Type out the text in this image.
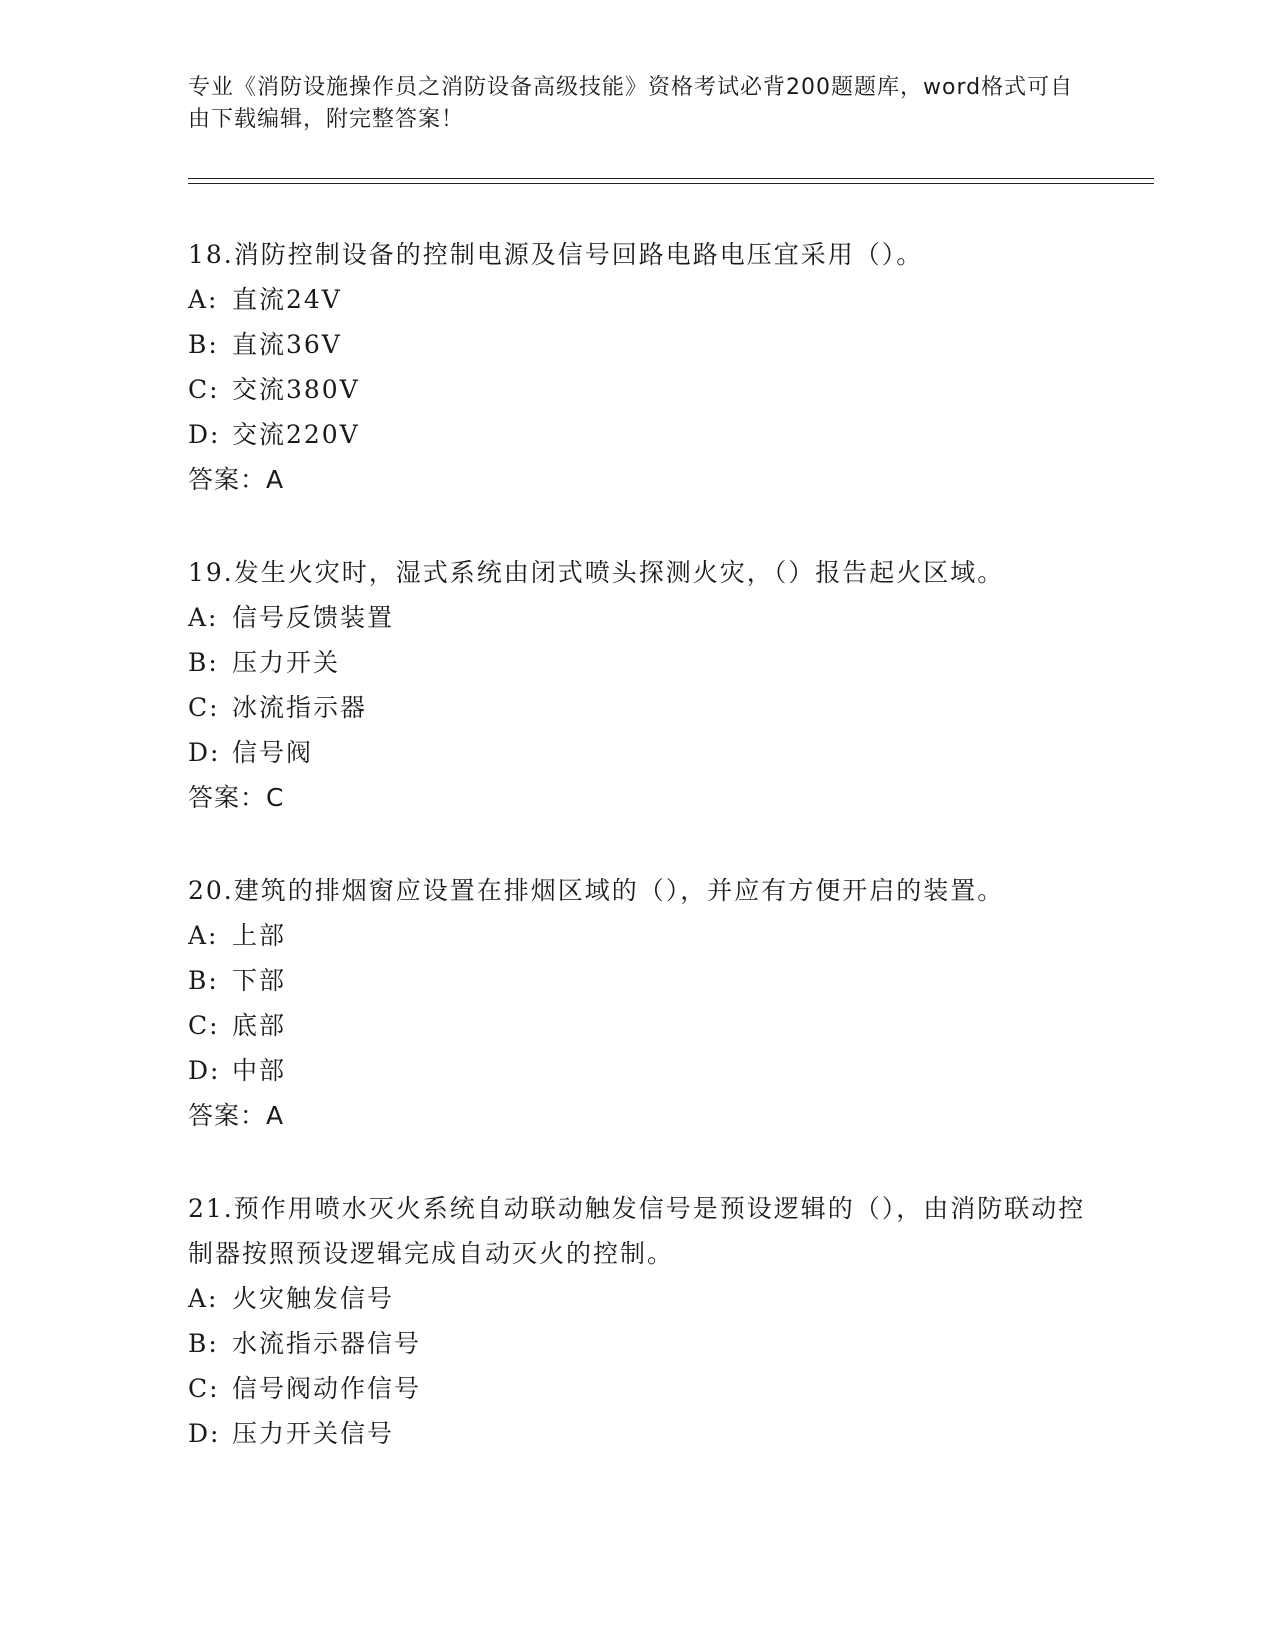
专业《消防设施操作员之消防设备高级技能》资格考试必背200题题库，word格式可自由下载编辑，附完整答案！
18.消防控制设备的控制电源及信号回路电路电压宜采用（）。
A: 直流24V
B: 直流36V
C: 交流380V
D: 交流220V
答案：A
19.发生火灾时，湿式系统由闭式喷头探测火灾，（）报告起火区域。
A: 信号反馈装置
B: 压力开关
C: 冰流指示器
D: 信号阀
答案：C
20.建筑的排烟窗应设置在排烟区域的（），并应有方便开启的装置。
A: 上部
B: 下部
C: 底部
D: 中部
答案：A
21.预作用喷水灭火系统自动联动触发信号是预设逻辑的（），由消防联动控制器按照预设逻辑完成自动灭火的控制。
A: 火灾触发信号
B: 水流指示器信号
C: 信号阀动作信号
D: 压力开关信号
